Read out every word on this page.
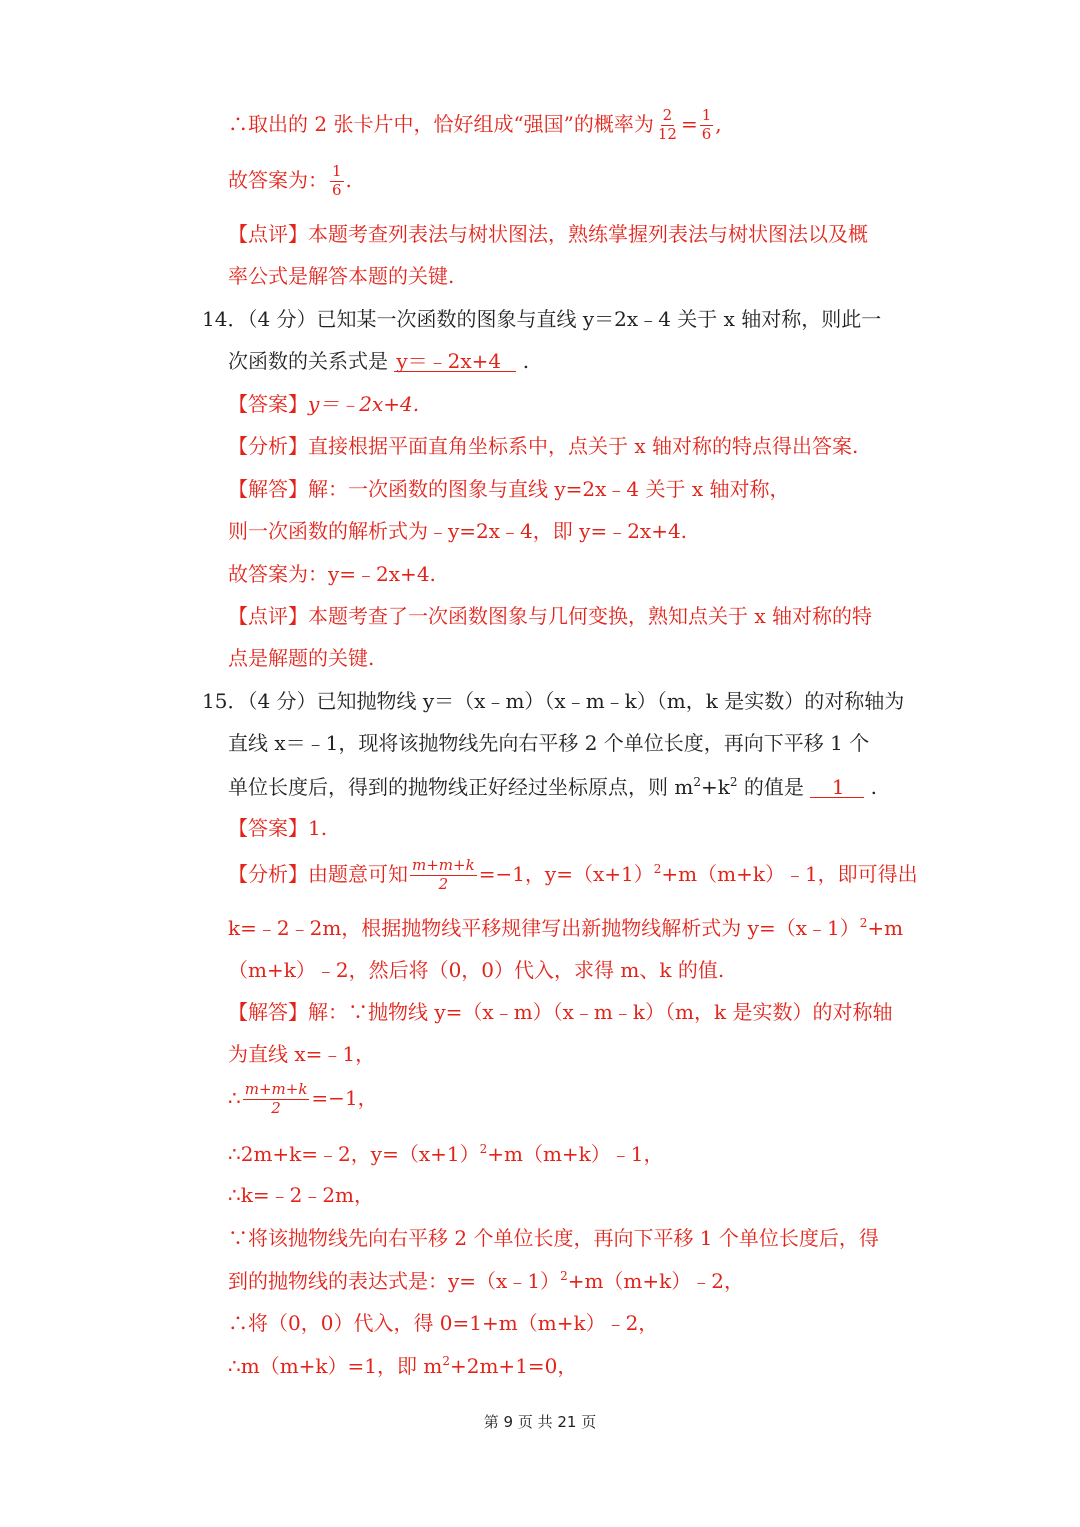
∴取出的 2 张卡片中，恰好组成“强国”的概率为 $\frac{2}{12} = \frac{1}{6}$ ,
故答案为： $\frac{1}{6}$ .
【点评】本题考查列表法与树状图法，熟练掌握列表法与树状图法以及概
率公式是解答本题的关键.
14．（4 分）已知某一次函数的图象与直线 y＝2x﹣4 关于 x 轴对称，则此一
次函数的关系式是 y＝﹣2x+4 .
【答案】y＝﹣2x+4.
【分析】直接根据平面直角坐标系中，点关于 x 轴对称的特点得出答案.
【解答】解：一次函数的图象与直线 y=2x﹣4 关于 x 轴对称，
则一次函数的解析式为﹣y=2x﹣4，即 y=﹣2x+4.
故答案为：y=﹣2x+4.
【点评】本题考查了一次函数图象与几何变换，熟知点关于 x 轴对称的特
点是解题的关键.
15．（4 分）已知抛物线 y＝（x﹣m）（x﹣m﹣k）（m，k 是实数）的对称轴为
直线 x＝﹣1，现将该抛物线先向右平移 2 个单位长度，再向下平移 1 个
单位长度后，得到的抛物线正好经过坐标原点，则 $m^2+k^2$ 的值是 1 .
【答案】1.
【分析】由题意可知 $\frac{m+m+k}{2} =-1$，$y=(x+1)^2+m(m+k)﹣1$，即可得出
k=﹣2﹣2m，根据抛物线平移规律写出新抛物线解析式为 y=（x﹣1）$^2$+m
（m+k）﹣2，然后将（0，0）代入，求得 m、k 的值.
【解答】解：∵抛物线 y=（x﹣m）（x﹣m﹣k）（m，k 是实数）的对称轴
为直线 x=﹣1，
∴ $\frac{m+m+k}{2} =-1$，
∴2m+k=﹣2，$y=(x+1)^2+m(m+k)﹣1$，
∴k=﹣2﹣2m，
∵将该抛物线先向右平移 2 个单位长度，再向下平移 1 个单位长度后，得
到的抛物线的表达式是：y=（x﹣1）$^2$+m（m+k）﹣2，
∴将（0，0）代入，得 0=1+m（m+k）﹣2，
∴m（m+k）=1，即 $m^2+2m+1=0$，
第 9 页 共 21 页
